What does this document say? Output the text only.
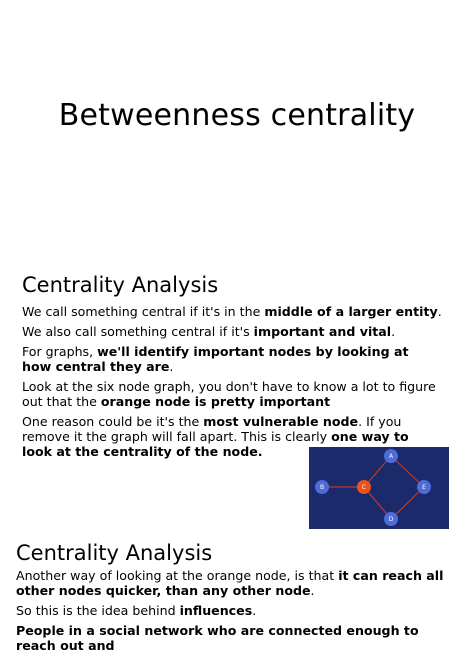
Betweenness centrality
Centrality Analysis

We call something central if it's in the middle of a larger entity.

We also call something central if it's important and vital.

For graphs, we'll identify important nodes by looking at how central they are.

Look at the six node graph, you don't have to know a lot to figure out that the orange node is pretty important

One reason could be it's the most vulnerable node. If you remove it the graph will fall apart. This is clearly one way to look at the centrality of the node.	A
B	C	E
D
Centrality Analysis

Another way of looking at the orange node, is that it can reach all other nodes quicker, than any other node.

So this is the idea behind influences.

People in a social network who are connected enough to reach out and
